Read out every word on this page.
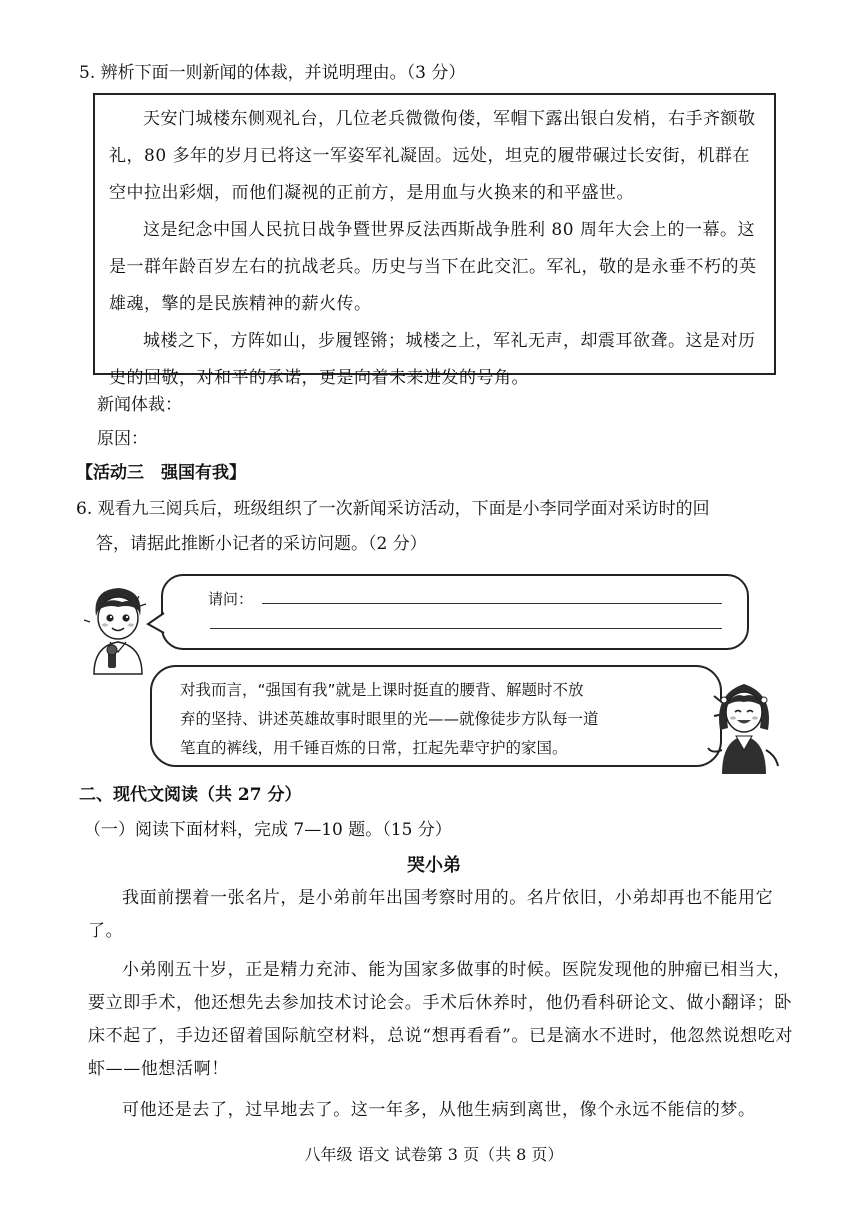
5. 辨析下面一则新闻的体裁，并说明理由。（3 分）

天安门城楼东侧观礼台，几位老兵微微佝偻，军帽下露出银白发梢，右手齐额敬礼，80 多年的岁月已将这一军姿军礼凝固。远处，坦克的履带碾过长安街，机群在空中拉出彩烟，而他们凝视的正前方，是用血与火换来的和平盛世。

这是纪念中国人民抗日战争暨世界反法西斯战争胜利 80 周年大会上的一幕。这是一群年龄百岁左右的抗战老兵。历史与当下在此交汇。军礼，敬的是永垂不朽的英雄魂，擎的是民族精神的薪火传。

城楼之下，方阵如山，步履铿锵；城楼之上，军礼无声，却震耳欲聋。这是对历史的回敬，对和平的承诺，更是向着未来进发的号角。

新闻体裁：
原因：
【活动三　强国有我】
6. 观看九三阅兵后，班级组织了一次新闻采访活动，下面是小李同学面对采访时的回
答，请据此推断小记者的采访问题。（2 分）
请问：
对我而言，“强国有我”就是上课时挺直的腰背、解题时不放
弃的坚持、讲述英雄故事时眼里的光——就像徒步方队每一道
笔直的裤线，用千锤百炼的日常，扛起先辈守护的家国。
二、现代文阅读（共 27 分）
（一）阅读下面材料，完成 7—10 题。（15 分）
哭小弟
我面前摆着一张名片，是小弟前年出国考察时用的。名片依旧，小弟却再也不能用它了。
小弟刚五十岁，正是精力充沛、能为国家多做事的时候。医院发现他的肿瘤已相当大，要立即手术，他还想先去参加技术讨论会。手术后休养时，他仍看科研论文、做小翻译；卧床不起了，手边还留着国际航空材料，总说“想再看看”。已是滴水不进时，他忽然说想吃对虾——他想活啊！
可他还是去了，过早地去了。这一年多，从他生病到离世，像个永远不能信的梦。
八年级 语文 试卷第 3 页（共 8 页）
